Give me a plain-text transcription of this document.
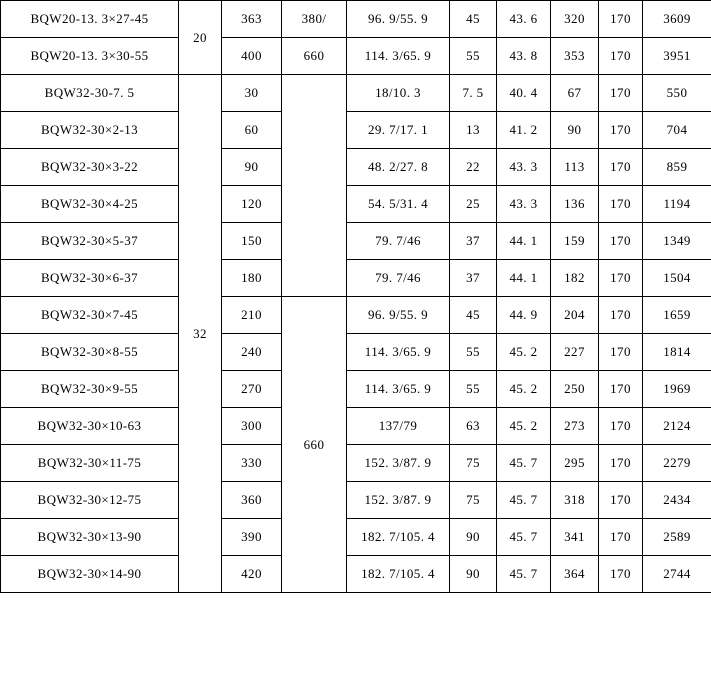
BQW20-13. 3×27-45	20	363	380/	96. 9/55. 9	45	43. 6	320	170	3609
BQW20-13. 3×30-55		400	660	114. 3/65. 9	55	43. 8	353	170	3951
BQW32-30-7. 5	32	30		18/10. 3	7. 5	40. 4	67	170	550
BQW32-30×2-13		60		29. 7/17. 1	13	41. 2	90	170	704
BQW32-30×3-22		90		48. 2/27. 8	22	43. 3	113	170	859
BQW32-30×4-25		120		54. 5/31. 4	25	43. 3	136	170	1194
BQW32-30×5-37		150		79. 7/46	37	44. 1	159	170	1349
BQW32-30×6-37		180		79. 7/46	37	44. 1	182	170	1504
BQW32-30×7-45		210	660	96. 9/55. 9	45	44. 9	204	170	1659
BQW32-30×8-55		240		114. 3/65. 9	55	45. 2	227	170	1814
BQW32-30×9-55		270		114. 3/65. 9	55	45. 2	250	170	1969
BQW32-30×10-63		300		137/79	63	45. 2	273	170	2124
BQW32-30×11-75		330		152. 3/87. 9	75	45. 7	295	170	2279
BQW32-30×12-75		360		152. 3/87. 9	75	45. 7	318	170	2434
BQW32-30×13-90		390		182. 7/105. 4	90	45. 7	341	170	2589
BQW32-30×14-90		420		182. 7/105. 4	90	45. 7	364	170	2744
